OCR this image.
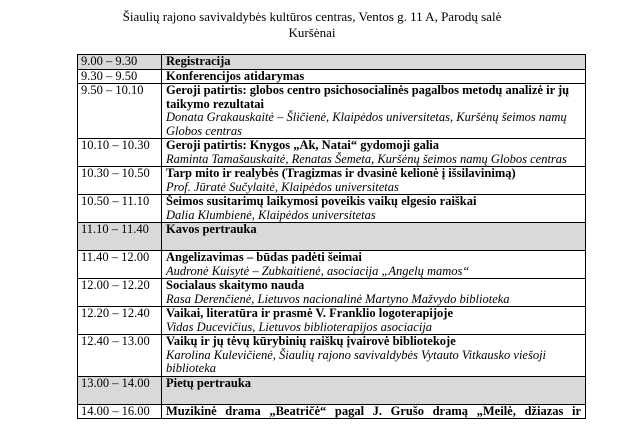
Šiaulių rajono savivaldybės kultūros centras, Ventos g. 11 A, Parodų salė
Kuršėnai
9.00 – 9.30	Registracija

9.30 – 9.50	Konferencijos atidarymas

9.50 – 10.10	Geroji patirtis: globos centro psichosocialinės pagalbos metodų analizė ir jų taikymo rezultatai
Donata Grakauskaitė – Šličienė, Klaipėdos universitetas, Kuršėnų šeimos namų Globos centras

10.10 – 10.30	Geroji patirtis: Knygos „Ak, Natai“ gydomoji galia
Raminta Tamašauskaitė, Renatas Šemeta, Kuršėnų šeimos namų Globos centras

10.30 – 10.50	Tarp mito ir realybės (Tragizmas ir dvasinė kelionė į išsilavinimą)
Prof. Jūratė Sučylaitė, Klaipėdos universitetas

10.50 – 11.10	Šeimos susitarimų laikymosi poveikis vaikų elgesio raiškai
Dalia Klumbienė, Klaipėdos universitetas

11.10 – 11.40	Kavos pertrauka

11.40 – 12.00	Angelizavimas – būdas padėti šeimai
Audronė Kuisytė – Zubkaitienė, asociacija „Angelų mamos“

12.00 – 12.20	Socialaus skaitymo nauda
Rasa Derenčienė, Lietuvos nacionalinė Martyno Mažvydo biblioteka

12.20 – 12.40	Vaikai, literatūra ir prasmė V. Franklio logoterapijoje
Vidas Ducevičius, Lietuvos biblioterapijos asociacija

12.40 – 13.00	Vaikų ir jų tėvų kūrybinių raiškų įvairovė bibliotekoje
Karolina Kulevičienė, Šiaulių rajono savivaldybės Vytauto Vitkausko viešoji biblioteka

13.00 – 14.00	Pietų pertrauka

14.00 – 16.00	Muzikinė drama „Beatričė“ pagal J. Grušo dramą „Meilė, džiazas ir
